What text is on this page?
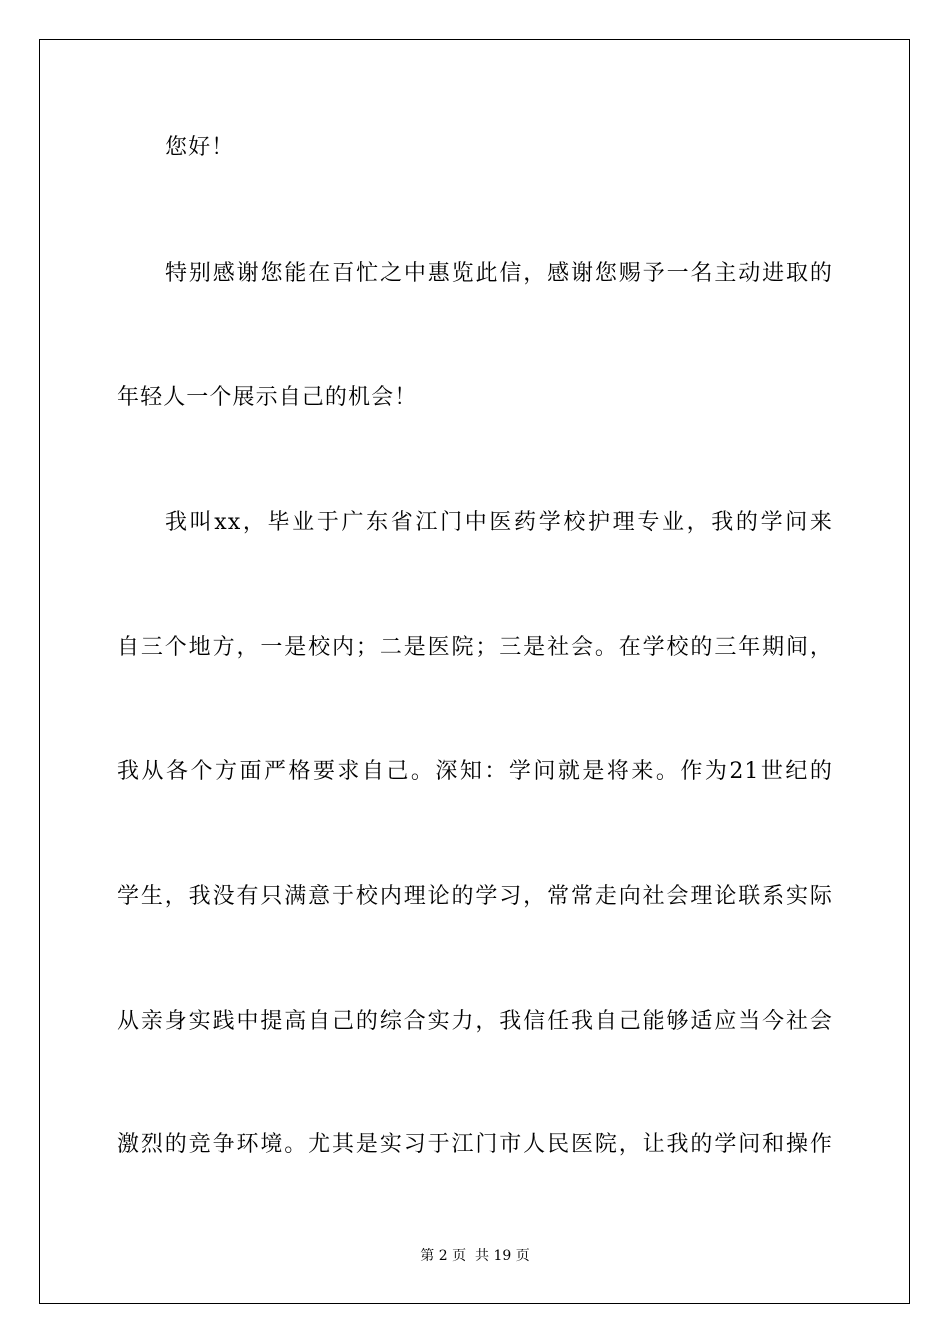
您好！
特别感谢您能在百忙之中惠览此信，感谢您赐予一名主动进取的
年轻人一个展示自己的机会！
我叫xx，毕业于广东省江门中医药学校护理专业，我的学问来
自三个地方，一是校内；二是医院；三是社会。在学校的三年期间，
我从各个方面严格要求自己。深知：学问就是将来。作为21世纪的
学生，我没有只满意于校内理论的学习，常常走向社会理论联系实际
从亲身实践中提高自己的综合实力，我信任我自己能够适应当今社会
激烈的竞争环境。尤其是实习于江门市人民医院，让我的学问和操作
第 2 页  共 19 页
